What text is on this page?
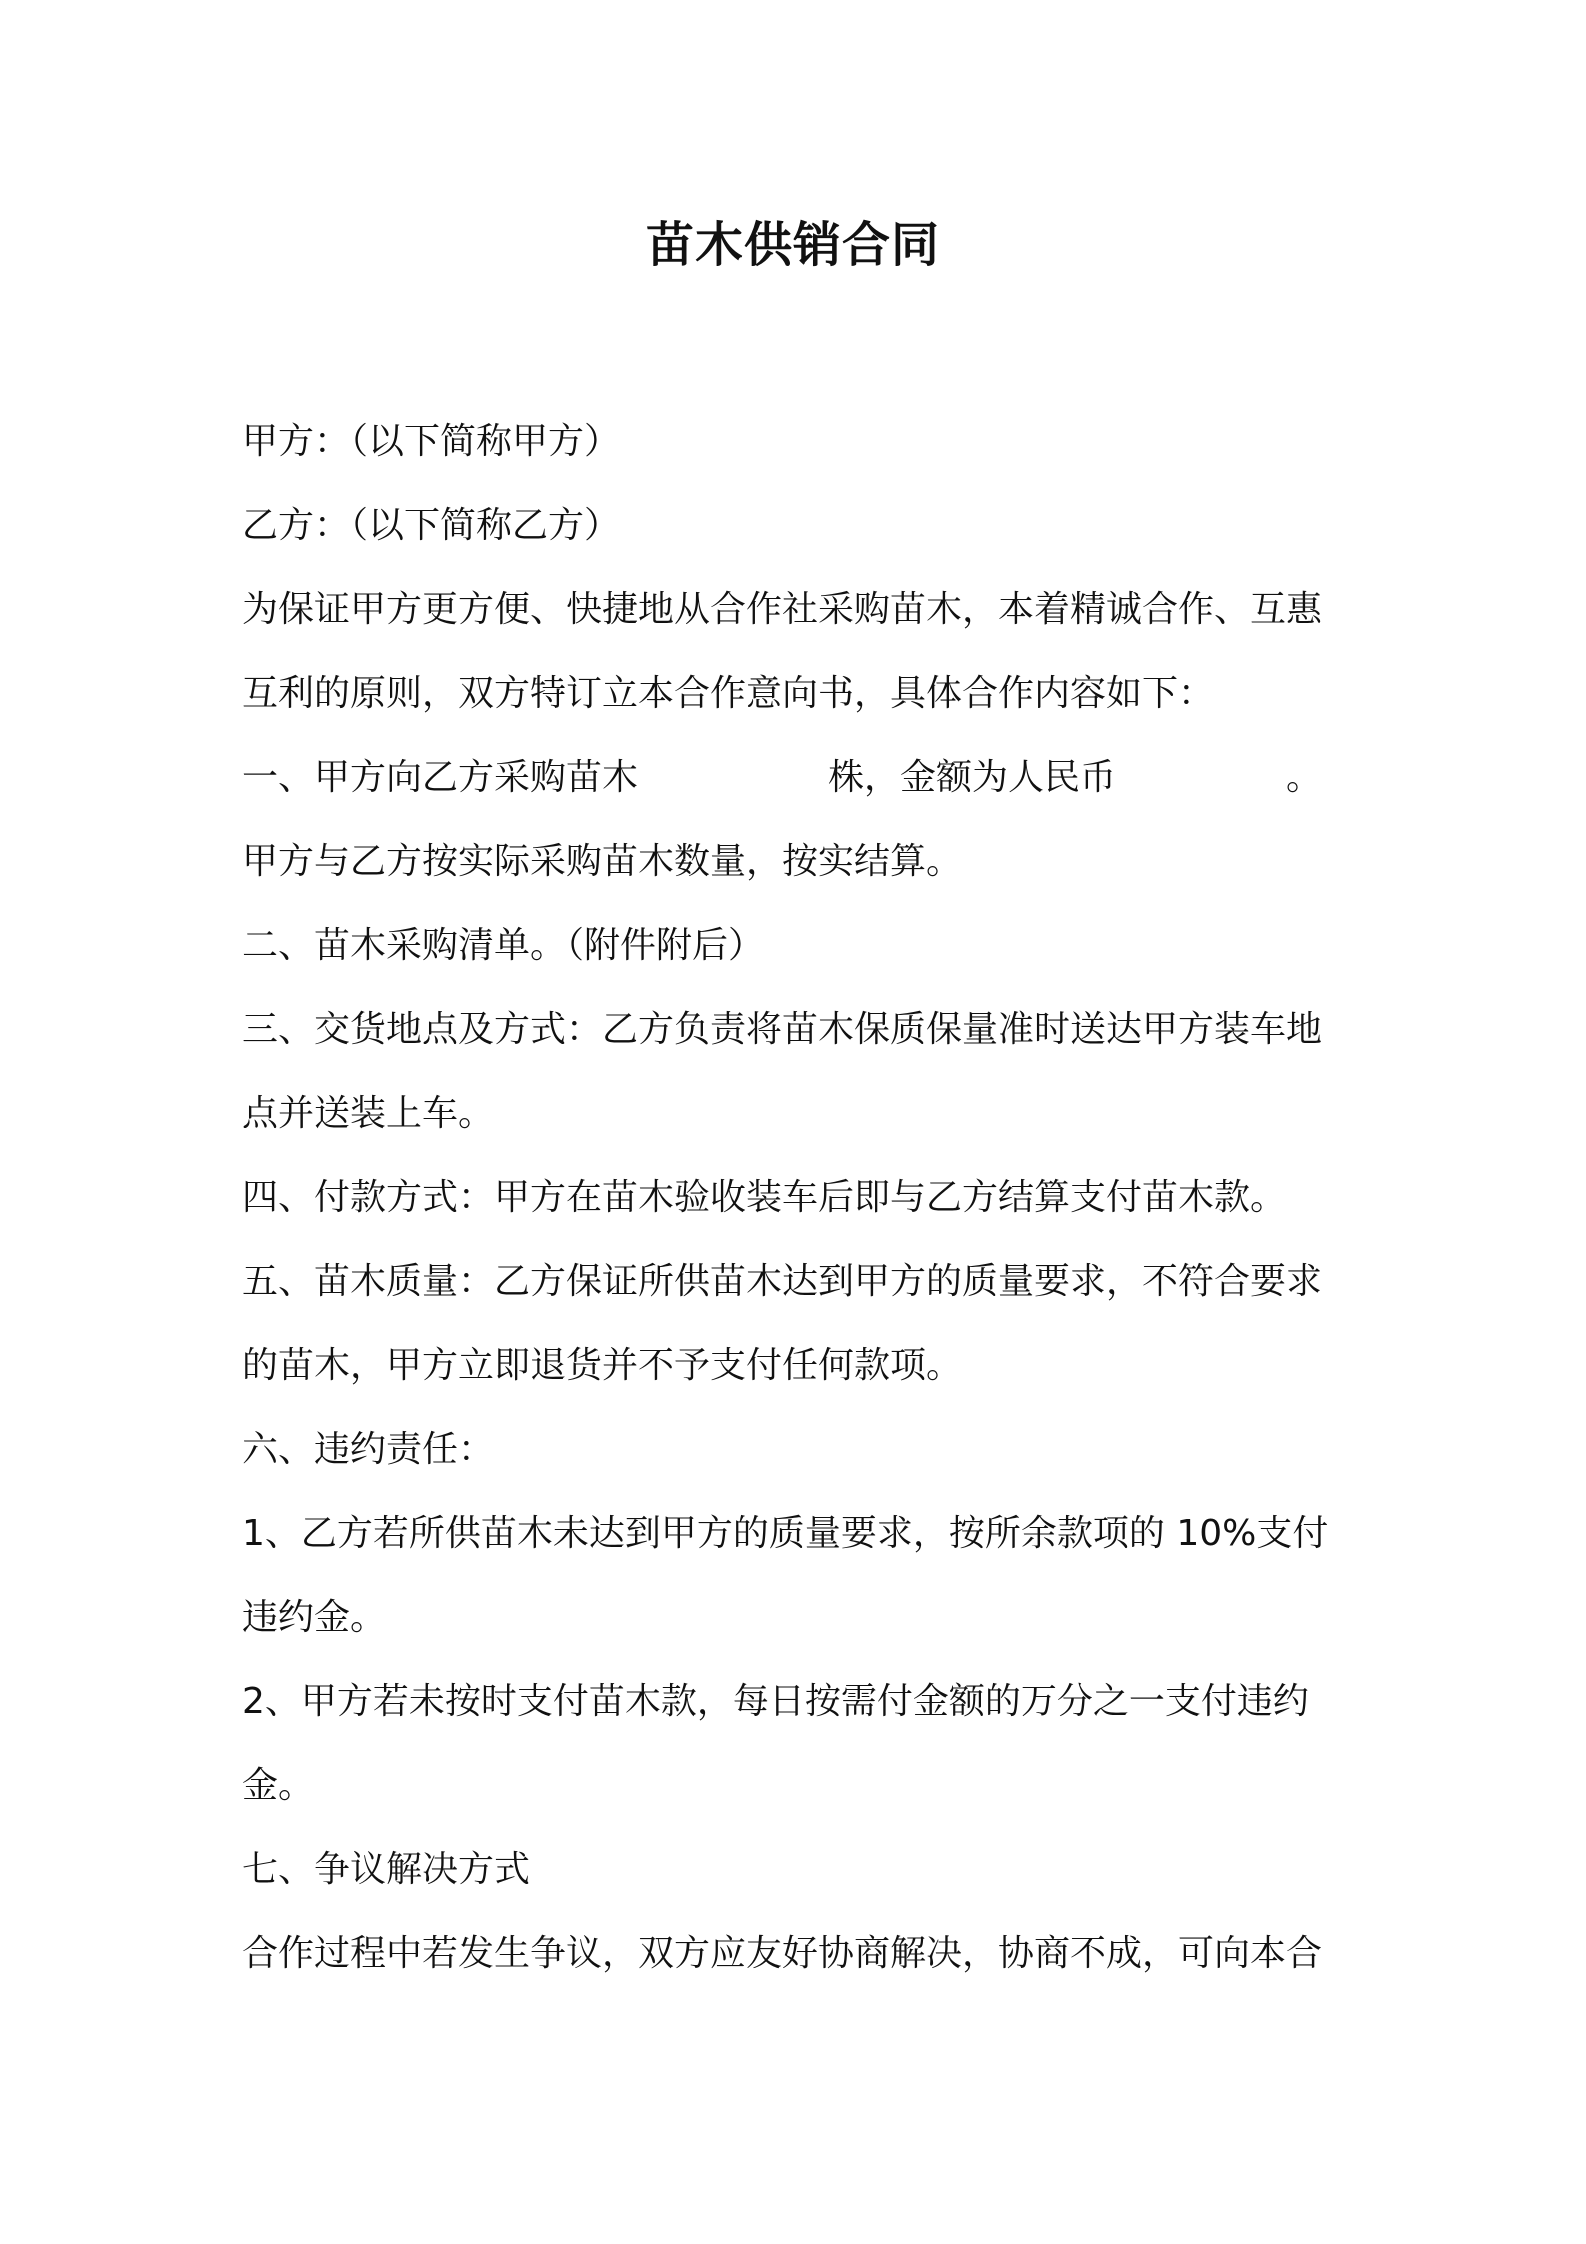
苗木供销合同
甲方：（以下简称甲方）
乙方：（以下简称乙方）
为保证甲方更方便、快捷地从合作社采购苗木，本着精诚合作、互惠
互利的原则，双方特订立本合作意向书，具体合作内容如下：
一、甲方向乙方采购苗木	株，金额为人民币	。
甲方与乙方按实际采购苗木数量，按实结算。
二、苗木采购清单。（附件附后）
三、交货地点及方式：乙方负责将苗木保质保量准时送达甲方装车地
点并送装上车。
四、付款方式：甲方在苗木验收装车后即与乙方结算支付苗木款。
五、苗木质量：乙方保证所供苗木达到甲方的质量要求，不符合要求
的苗木，甲方立即退货并不予支付任何款项。
六、违约责任：
1、乙方若所供苗木未达到甲方的质量要求，按所余款项的 10%支付
违约金。
2、甲方若未按时支付苗木款，每日按需付金额的万分之一支付违约
金。
七、争议解决方式
合作过程中若发生争议，双方应友好协商解决，协商不成，可向本合
